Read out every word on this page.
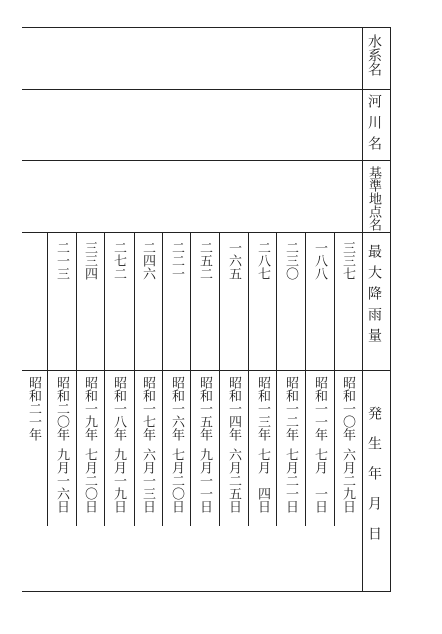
水系名
河川名
基準地点名
最大降雨量
発生年月日
三三七
一八八
二三〇
二八七
一六五
二五二
二二一
二四六
二七二
三三四
二一三
昭和一〇年
昭和一一年
昭和一二年
昭和一三年
昭和一四年
昭和一五年
昭和一六年
昭和一七年
昭和一八年
昭和一九年
昭和二〇年
昭和二一年
六月二九日
七月　一日
七月二一日
七月　四日
六月二五日
九月一一日
七月二〇日
六月一三日
九月一九日
七月二〇日
九月一六日
